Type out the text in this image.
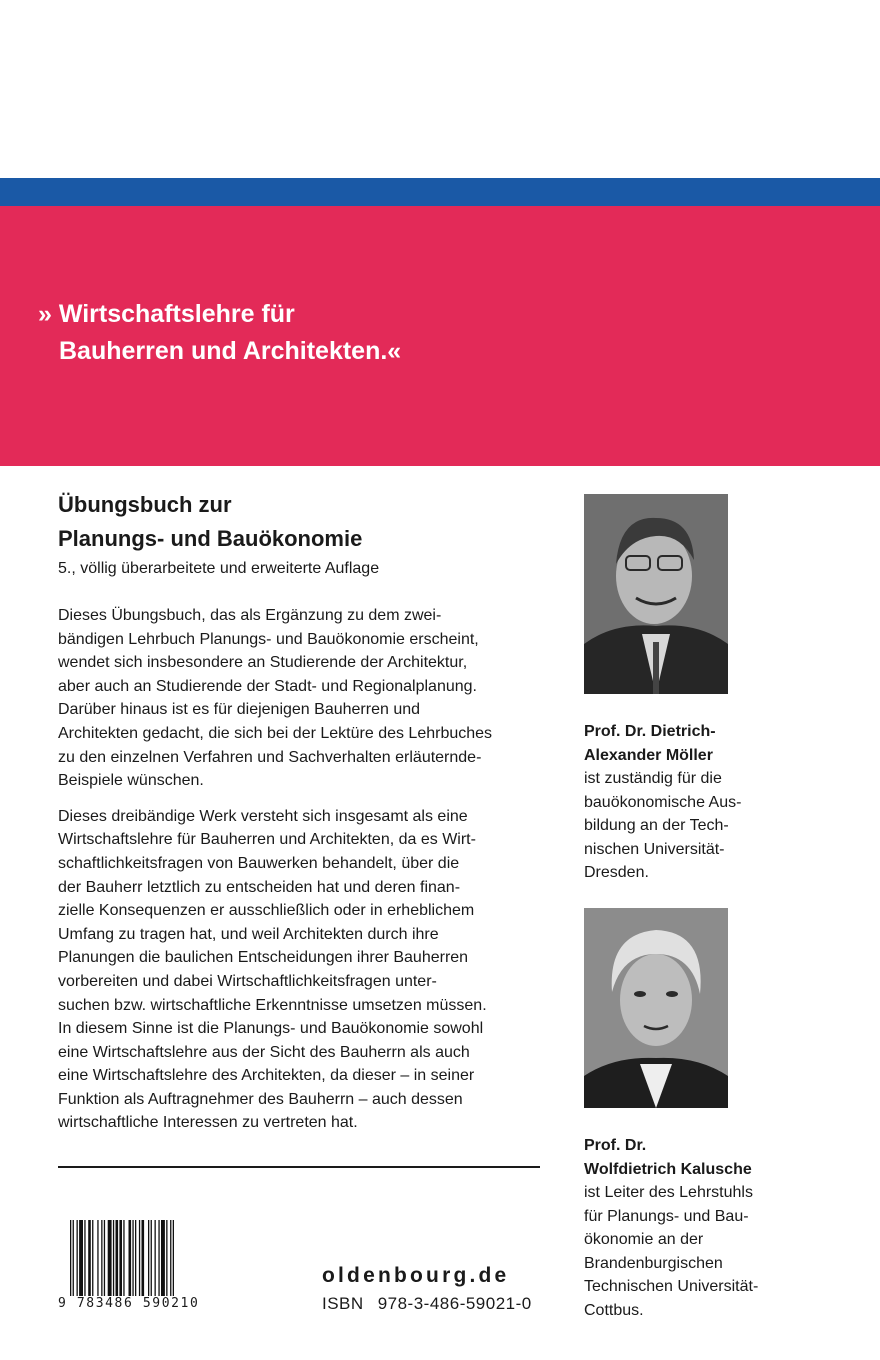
» Wirtschaftslehre für
Bauherren und Architekten.«

Übungsbuch zur
Planungs- und Bauökonomie

5., völlig überarbeitete und erweiterte Auflage

Dieses Übungsbuch, das als Ergänzung zu dem zwei-
bändigen Lehrbuch Planungs- und Bauökonomie erscheint,
wendet sich insbesondere an Studierende der Architektur,
aber auch an Studierende der Stadt- und Regionalplanung.
Darüber hinaus ist es für diejenigen Bauherren und
Architekten gedacht, die sich bei der Lektüre des Lehrbuches
zu den einzelnen Verfahren und Sachverhalten erläuternde-
Beispiele wünschen.

Dieses dreibändige Werk versteht sich insgesamt als eine
Wirtschaftslehre für Bauherren und Architekten, da es Wirt-
schaftlichkeitsfragen von Bauwerken behandelt, über die
der Bauherr letztlich zu entscheiden hat und deren finan-
zielle Konsequenzen er ausschließlich oder in erheblichem
Umfang zu tragen hat, und weil Architekten durch ihre
Planungen die baulichen Entscheidungen ihrer Bauherren
vorbereiten und dabei Wirtschaftlichkeitsfragen unter-
suchen bzw. wirtschaftliche Erkenntnisse umsetzen müssen.
In diesem Sinne ist die Planungs- und Bauökonomie sowohl
eine Wirtschaftslehre aus der Sicht des Bauherrn als auch
eine Wirtschaftslehre des Architekten, da dieser – in seiner
Funktion als Auftragnehmer des Bauherrn – auch dessen
wirtschaftliche Interessen zu vertreten hat.

9 783486 590210
oldenbourg.de
ISBN 978-3-486-59021-0
Prof. Dr. Dietrich-
Alexander Möller
ist zuständig für die
bauökonomische Aus-
bildung an der Tech-
nischen Universität-
Dresden.
Prof. Dr.
Wolfdietrich Kalusche
ist Leiter des Lehrstuhls
für Planungs- und Bau-
ökonomie an der
Brandenburgischen
Technischen Universität-
Cottbus.
